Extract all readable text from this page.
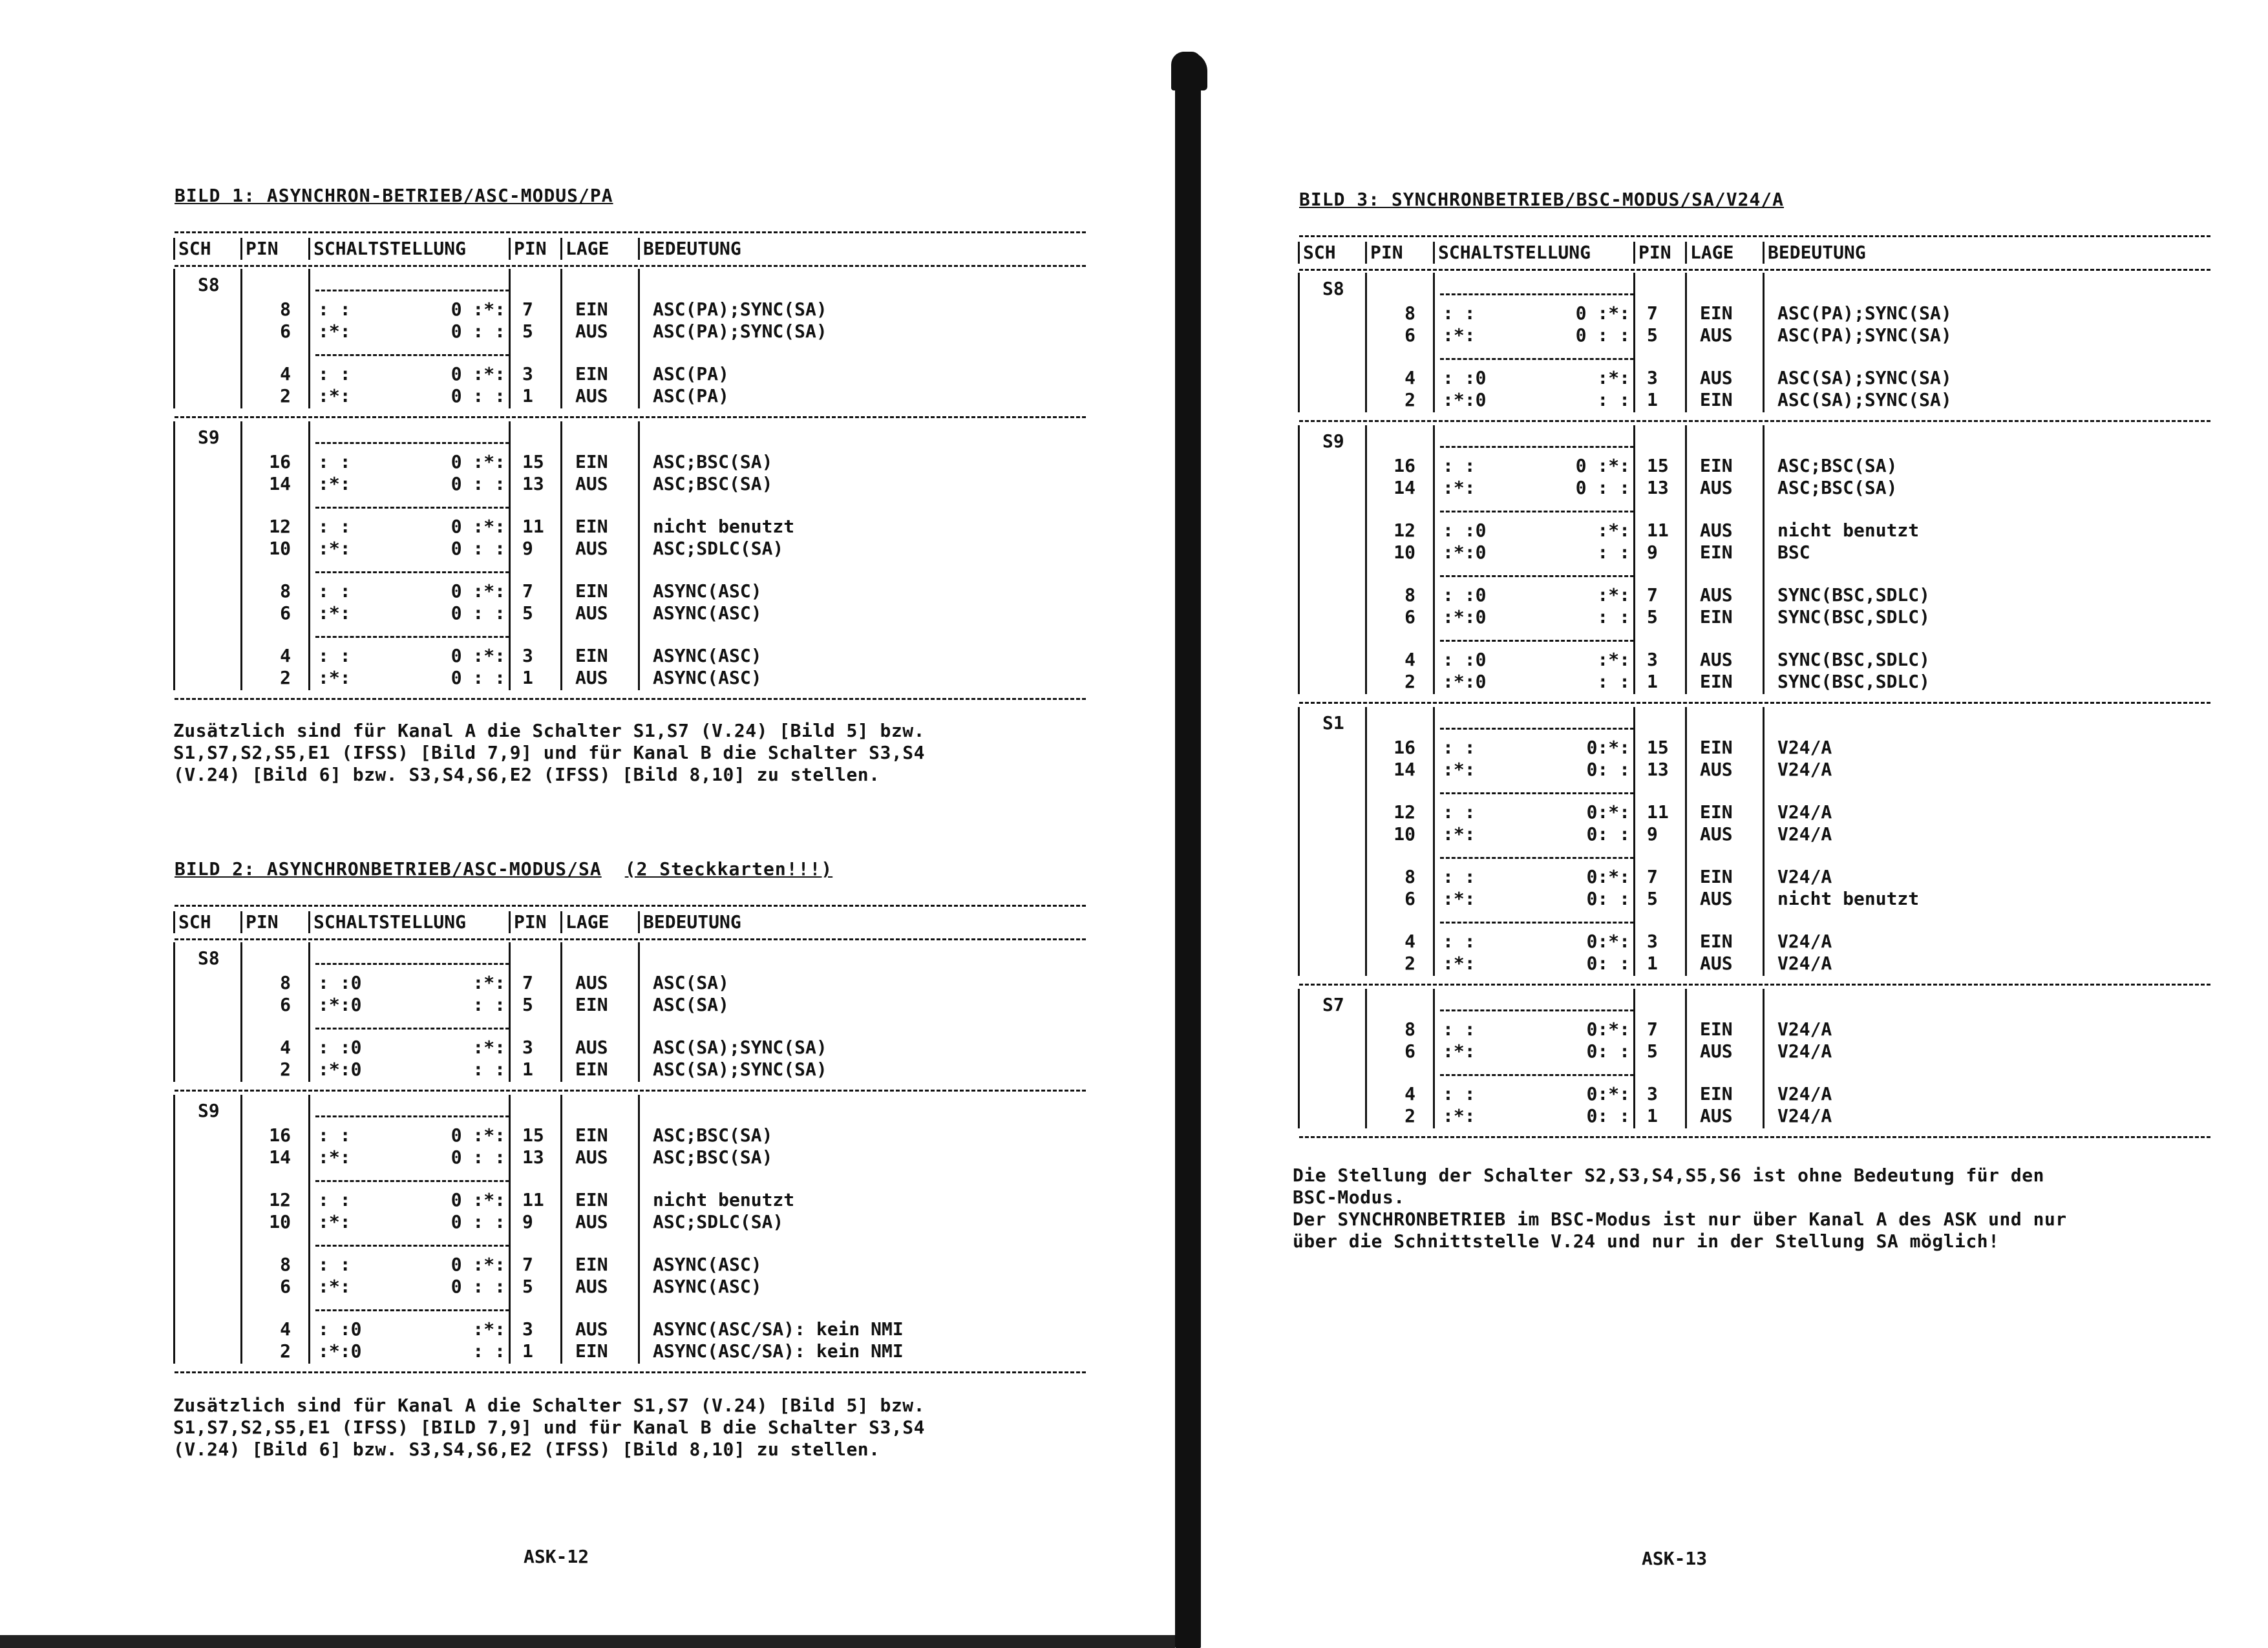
BILD 1: ASYNCHRON-BETRIEB/ASC-MODUS/PA
SCH PIN SCHALTSTELLUNG	PIN LAGE BEDEUTUNG
S8
8 : :	0 :*: 7 EIN ASC(PA);SYNC(SA)
6 :*:	0 : : 5 AUS ASC(PA);SYNC(SA)
4 : :	0 :*: 3 EIN ASC(PA)
2 :*:	0 : : 1 AUS ASC(PA)
S9
16 : :	0 :*: 15 EIN ASC;BSC(SA)
14 :*:	0 : : 13 AUS ASC;BSC(SA)
12 : :	0 :*: 11 EIN nicht benutzt
10 :*:	0 : : 9 AUS ASC;SDLC(SA)
8 : :	0 :*: 7 EIN ASYNC(ASC)
6 :*:	0 : : 5 AUS ASYNC(ASC)
4 : :	0 :*: 3 EIN ASYNC(ASC)
2 :*:	0 : : 1 AUS ASYNC(ASC)
Zusätzlich sind für Kanal A die Schalter S1,S7 (V.24) [Bild 5] bzw.
S1,S7,S2,S5,E1 (IFSS) [Bild 7,9] und für Kanal B die Schalter S3,S4
(V.24) [Bild 6] bzw. S3,S4,S6,E2 (IFSS) [Bild 8,10] zu stellen.
BILD 2: ASYNCHRONBETRIEB/ASC-MODUS/SA (2 Steckkarten!!!)
SCH PIN SCHALTSTELLUNG	PIN LAGE BEDEUTUNG
S8
8 : :0	:*: 7 AUS ASC(SA)
6 :*:0	: : 5 EIN ASC(SA)
4 : :0	:*: 3 AUS ASC(SA);SYNC(SA)
2 :*:0	: : 1 EIN ASC(SA);SYNC(SA)
S9
16 : :	0 :*: 15 EIN ASC;BSC(SA)
14 :*:	0 : : 13 AUS ASC;BSC(SA)
12 : :	0 :*: 11 EIN nicht benutzt
10 :*:	0 : : 9 AUS ASC;SDLC(SA)
8 : :	0 :*: 7 EIN ASYNC(ASC)
6 :*:	0 : : 5 AUS ASYNC(ASC)
4 : :0	:*: 3 AUS ASYNC(ASC/SA): kein NMI
2 :*:0	: : 1 EIN ASYNC(ASC/SA): kein NMI
Zusätzlich sind für Kanal A die Schalter S1,S7 (V.24) [Bild 5] bzw.
S1,S7,S2,S5,E1 (IFSS) [BILD 7,9] und für Kanal B die Schalter S3,S4
(V.24) [Bild 6] bzw. S3,S4,S6,E2 (IFSS) [Bild 8,10] zu stellen.
ASK-12
BILD 3: SYNCHRONBETRIEB/BSC-MODUS/SA/V24/A
SCH PIN SCHALTSTELLUNG	PIN LAGE BEDEUTUNG
S8
8 : :	0 :*: 7 EIN ASC(PA);SYNC(SA)
6 :*:	0 : : 5 AUS ASC(PA);SYNC(SA)
4 : :0	:*: 3 AUS ASC(SA);SYNC(SA)
2 :*:0	: : 1 EIN ASC(SA);SYNC(SA)
S9
16 : :	0 :*: 15 EIN ASC;BSC(SA)
14 :*:	0 : : 13 AUS ASC;BSC(SA)
12 : :0	:*: 11 AUS nicht benutzt
10 :*:0	: : 9 EIN BSC
8 : :0	:*: 7 AUS SYNC(BSC,SDLC)
6 :*:0	: : 5 EIN SYNC(BSC,SDLC)
4 : :0	:*: 3 AUS SYNC(BSC,SDLC)
2 :*:0	: : 1 EIN SYNC(BSC,SDLC)
S1
16 : :	0:*: 15 EIN V24/A
14 :*:	0: : 13 AUS V24/A
12 : :	0:*: 11 EIN V24/A
10 :*:	0: : 9 AUS V24/A
8 : :	0:*: 7 EIN V24/A
6 :*:	0: : 5 AUS nicht benutzt
4 : :	0:*: 3 EIN V24/A
2 :*:	0: : 1 AUS V24/A
S7
8 : :	0:*: 7 EIN V24/A
6 :*:	0: : 5 AUS V24/A
4 : :	0:*: 3 EIN V24/A
2 :*:	0: : 1 AUS V24/A
Die Stellung der Schalter S2,S3,S4,S5,S6 ist ohne Bedeutung für den
BSC-Modus.
Der SYNCHRONBETRIEB im BSC-Modus ist nur über Kanal A des ASK und nur
über die Schnittstelle V.24 und nur in der Stellung SA möglich!
ASK-13
